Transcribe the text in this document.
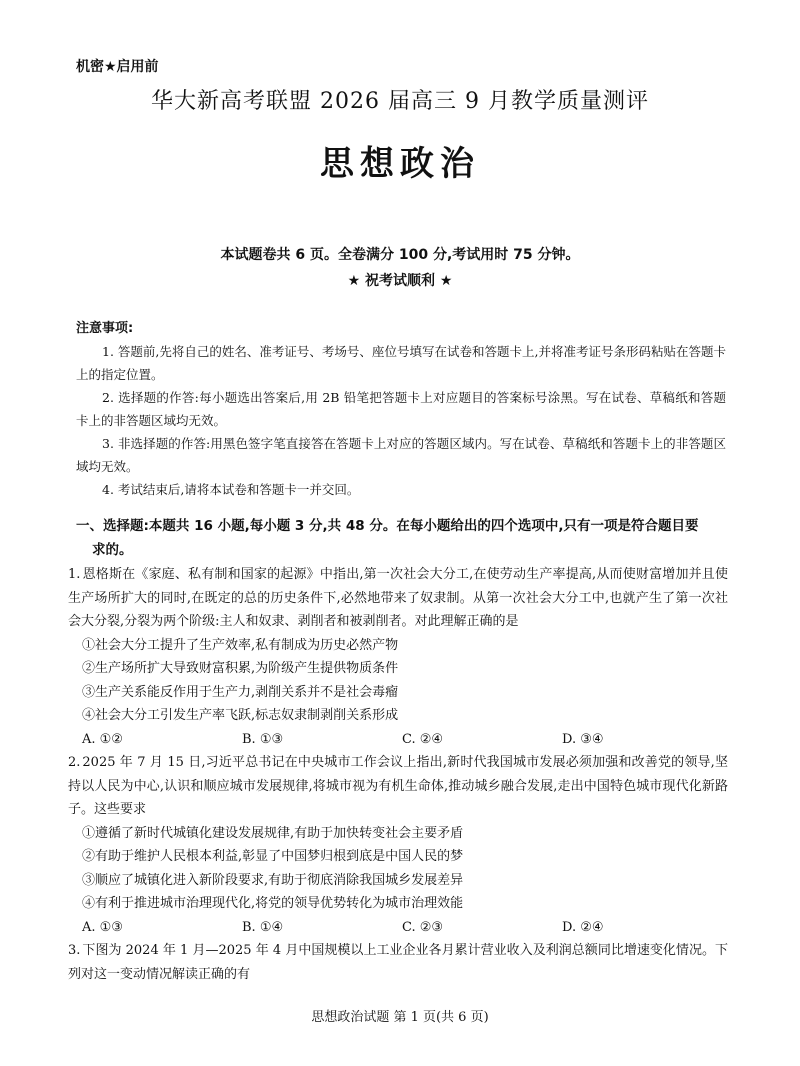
机密★启用前
华大新高考联盟 2026 届高三 9 月教学质量测评
思想政治
本试题卷共 6 页。全卷满分 100 分,考试用时 75 分钟。
★ 祝考试顺利 ★
注意事项:

1. 答题前,先将自己的姓名、准考证号、考场号、座位号填写在试卷和答题卡上,并将准考证号条形码粘贴在答题卡上的指定位置。

2. 选择题的作答:每小题选出答案后,用 2B 铅笔把答题卡上对应题目的答案标号涂黑。写在试卷、草稿纸和答题卡上的非答题区域均无效。

3. 非选择题的作答:用黑色签字笔直接答在答题卡上对应的答题区域内。写在试卷、草稿纸和答题卡上的非答题区域均无效。

4. 考试结束后,请将本试卷和答题卡一并交回。

一、选择题:本题共 16 小题,每小题 3 分,共 48 分。在每小题给出的四个选项中,只有一项是符合题目要
求的。

1. 恩格斯在《家庭、私有制和国家的起源》中指出,第一次社会大分工,在使劳动生产率提高,从而使财富增加并且使生产场所扩大的同时,在既定的总的历史条件下,必然地带来了奴隶制。从第一次社会大分工中,也就产生了第一次社会大分裂,分裂为两个阶级:主人和奴隶、剥削者和被剥削者。对此理解正确的是

①社会大分工提升了生产效率,私有制成为历史必然产物

②生产场所扩大导致财富积累,为阶级产生提供物质条件

③生产关系能反作用于生产力,剥削关系并不是社会毒瘤

④社会大分工引发生产率飞跃,标志奴隶制剥削关系形成

A. ①②	B. ①③	C. ②④	D. ③④

2. 2025 年 7 月 15 日,习近平总书记在中央城市工作会议上指出,新时代我国城市发展必须加强和改善党的领导,坚持以人民为中心,认识和顺应城市发展规律,将城市视为有机生命体,推动城乡融合发展,走出中国特色城市现代化新路子。这些要求

①遵循了新时代城镇化建设发展规律,有助于加快转变社会主要矛盾

②有助于维护人民根本利益,彰显了中国梦归根到底是中国人民的梦

③顺应了城镇化进入新阶段要求,有助于彻底消除我国城乡发展差异

④有利于推进城市治理现代化,将党的领导优势转化为城市治理效能

A. ①③	B. ①④	C. ②③	D. ②④

3. 下图为 2024 年 1 月—2025 年 4 月中国规模以上工业企业各月累计营业收入及利润总额同比增速变化情况。下列对这一变动情况解读正确的有

思想政治试题 第 1 页(共 6 页)
